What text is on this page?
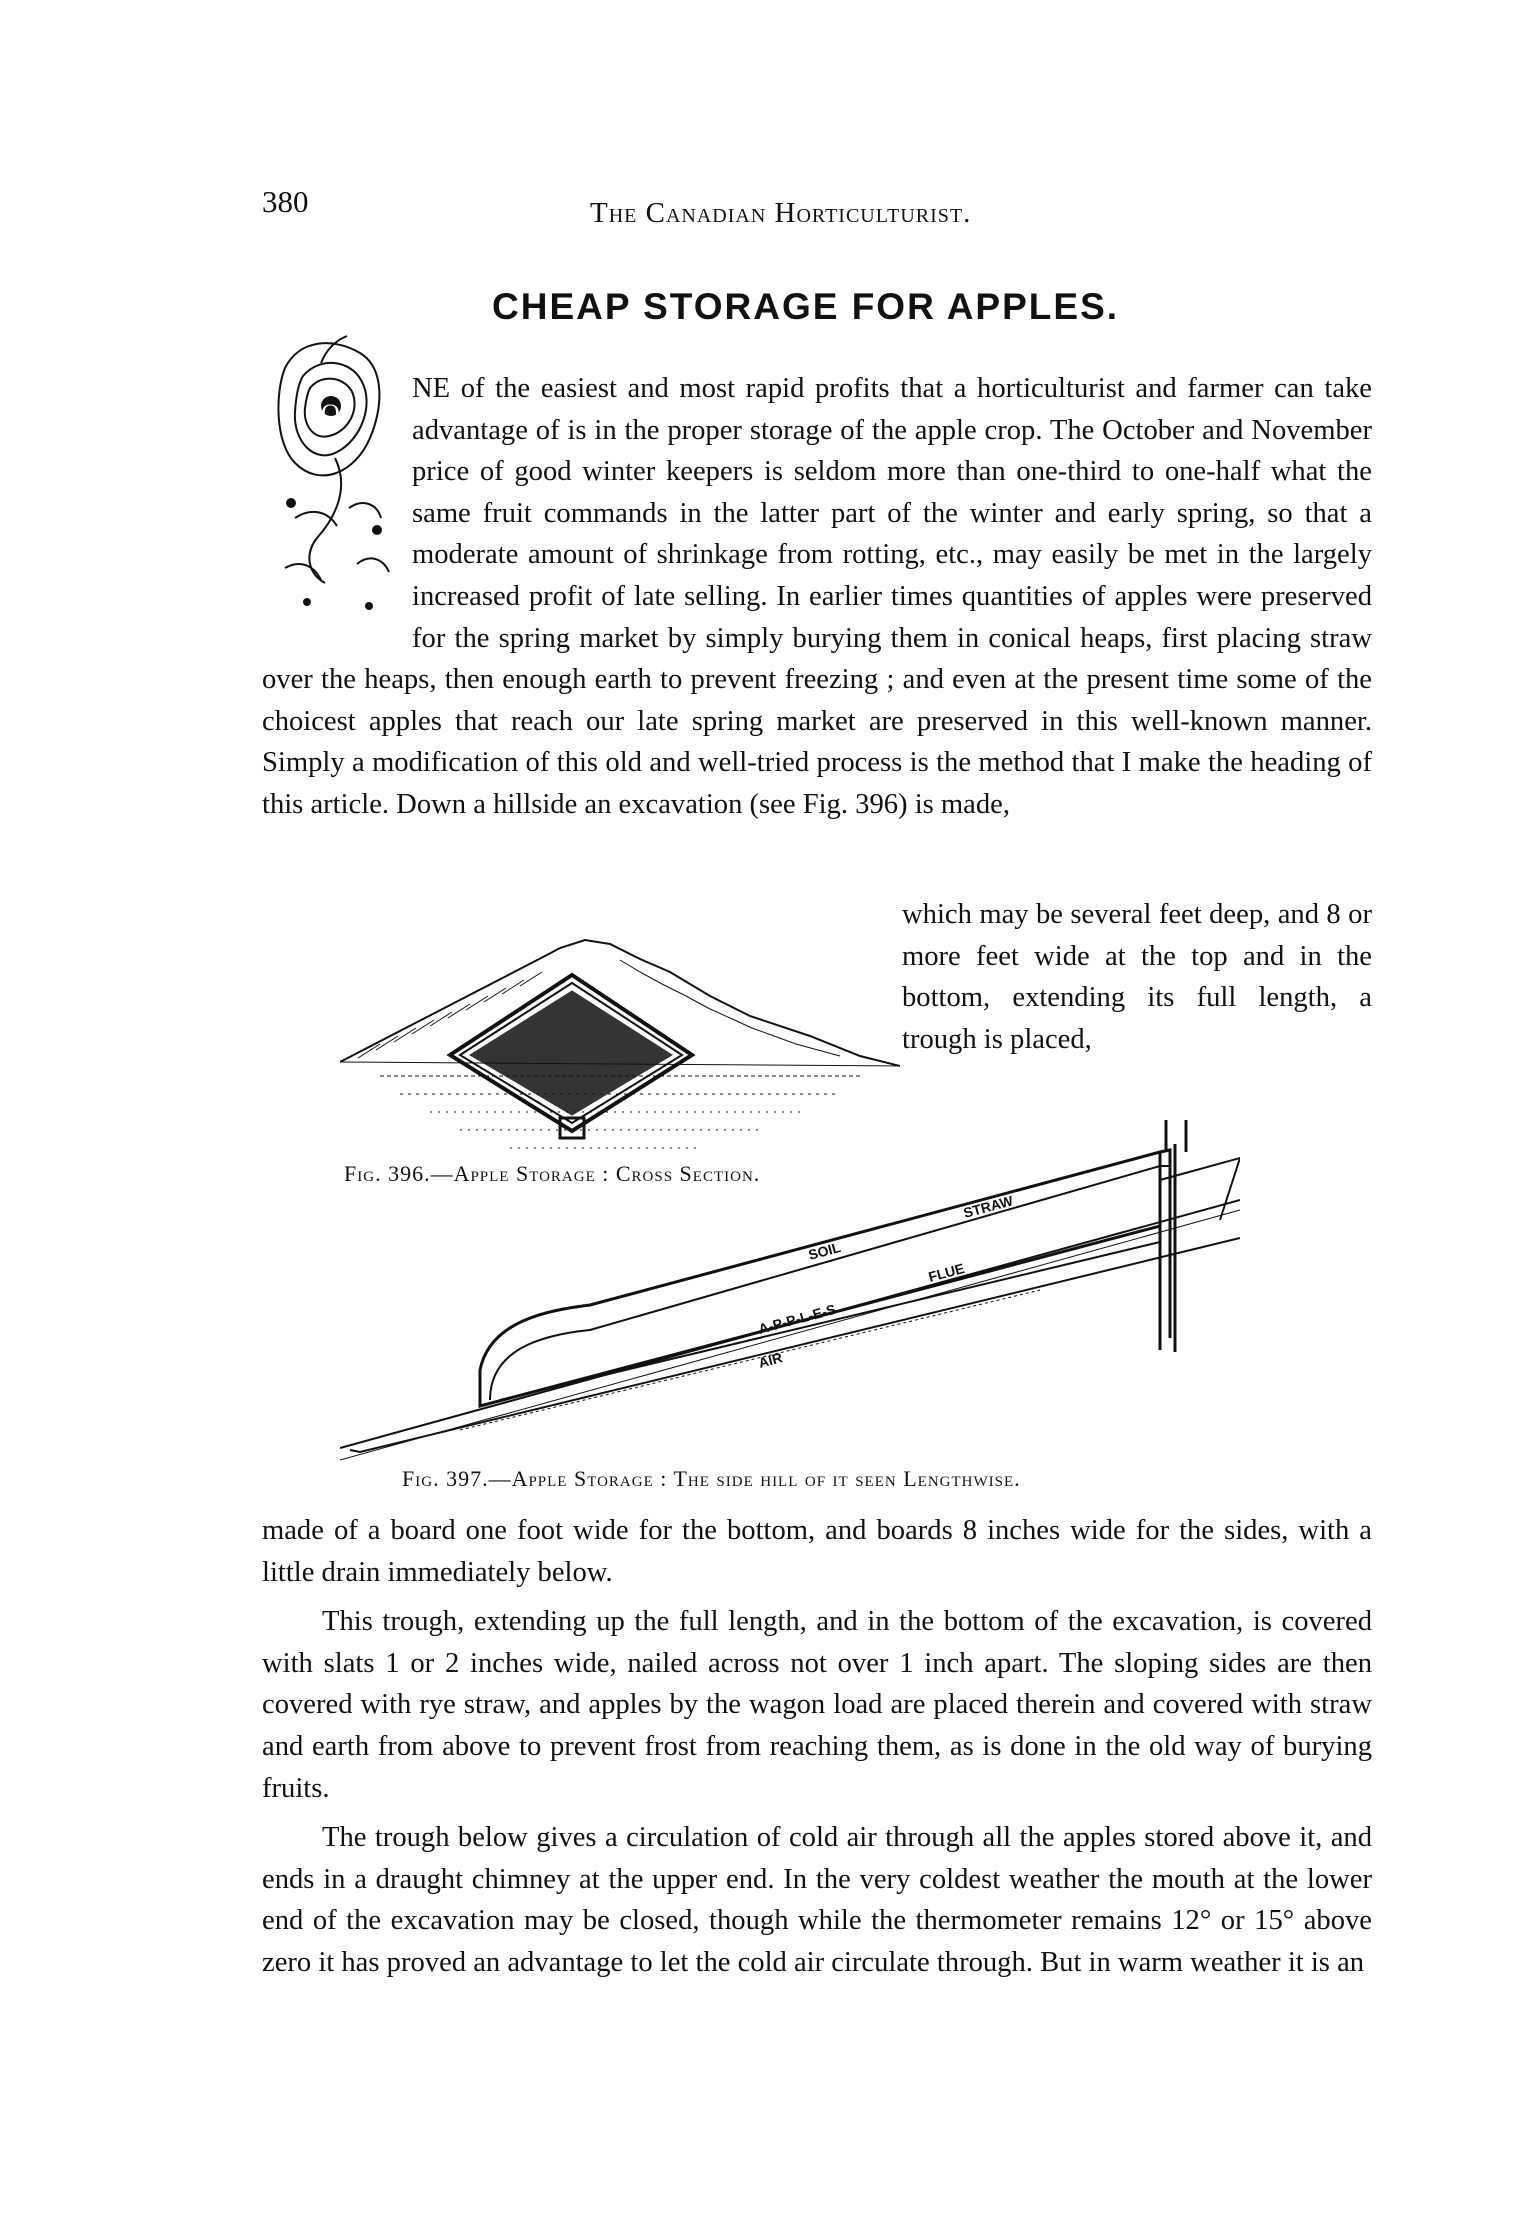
380	The Canadian Horticulturist.
CHEAP STORAGE FOR APPLES.
O
NE of the easiest and most rapid profits that a horticulturist and farmer can take advantage of is in the proper storage of the apple crop. The October and November price of good winter keepers is seldom more than one-third to one-half what the same fruit commands in the latter part of the winter and early spring, so that a moderate amount of shrinkage from rotting, etc., may easily be met in the largely increased profit of late selling. In earlier times quantities of apples were preserved for the spring market by simply burying them in conical heaps, first placing straw over the heaps, then enough earth to prevent freezing ; and even at the present time some of the choicest apples that reach our late spring market are preserved in this well-known manner. Simply a modification of this old and well-tried process is the method that I make the heading of this article. Down a hillside an excavation (see Fig. 396) is made,
which may be several feet deep, and 8 or more feet wide at the top and in the bottom, extending its full length, a trough is placed,
Fig. 396.—Apple Storage : Cross Section.
SOIL
STRAW
A-P-P-L-E-S
FLUE
AIR
Fig. 397.—Apple Storage : The side hill of it seen Lengthwise.

made of a board one foot wide for the bottom, and boards 8 inches wide for the sides, with a little drain immediately below.

This trough, extending up the full length, and in the bottom of the excavation, is covered with slats 1 or 2 inches wide, nailed across not over 1 inch apart. The sloping sides are then covered with rye straw, and apples by the wagon load are placed therein and covered with straw and earth from above to prevent frost from reaching them, as is done in the old way of burying fruits.

The trough below gives a circulation of cold air through all the apples stored above it, and ends in a draught chimney at the upper end. In the very coldest weather the mouth at the lower end of the excavation may be closed, though while the thermometer remains 12° or 15° above zero it has proved an advantage to let the cold air circulate through. But in warm weather it is an
